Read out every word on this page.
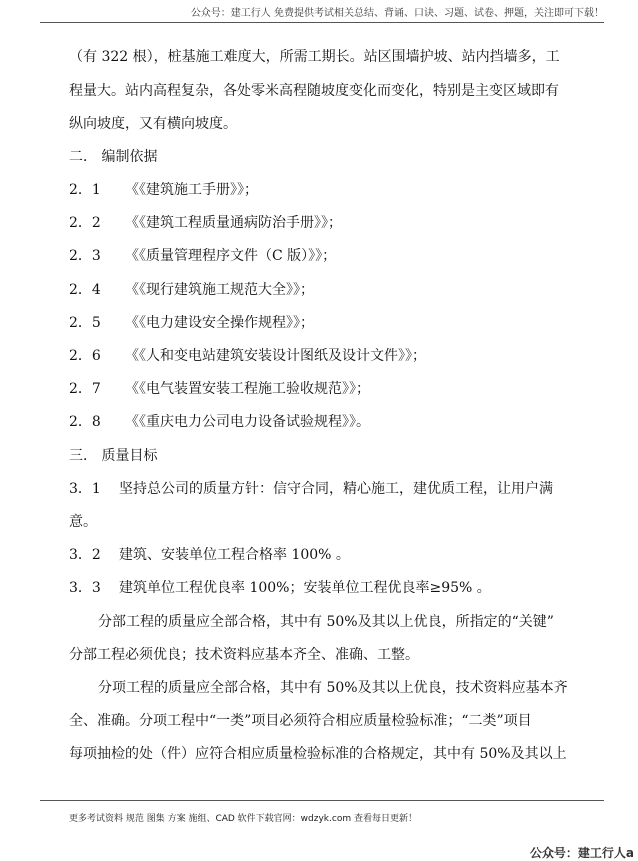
公众号：建工行人 免费提供考试相关总结、背诵、口诀、习题、试卷、押题，关注即可下载！
（有 322 根），桩基施工难度大，所需工期长。站区围墙护坡、站内挡墙多，工
程量大。站内高程复杂，各处零米高程随坡度变化而变化，特别是主变区域即有
纵向坡度，又有横向坡度。
二． 编制依据
2．1 《《建筑施工手册》》；
2．2 《《建筑工程质量通病防治手册》》；
2．3 《《质量管理程序文件（C 版）》》；
2．4 《《现行建筑施工规范大全》》；
2．5 《《电力建设安全操作规程》》；
2．6 《《人和变电站建筑安装设计图纸及设计文件》》；
2．7 《《电气装置安装工程施工验收规范》》；
2．8 《《重庆电力公司电力设备试验规程》》。
三． 质量目标
3．1 坚持总公司的质量方针：信守合同，精心施工，建优质工程，让用户满
意。
3．2 建筑、安装单位工程合格率 100% 。
3．3 建筑单位工程优良率 100%；安装单位工程优良率≥95% 。
分部工程的质量应全部合格，其中有 50%及其以上优良，所指定的“关键”
分部工程必须优良；技术资料应基本齐全、准确、工整。
分项工程的质量应全部合格，其中有 50%及其以上优良，技术资料应基本齐
全、准确。分项工程中“一类”项目必须符合相应质量检验标准；“二类”项目
每项抽检的处（件）应符合相应质量检验标准的合格规定，其中有 50%及其以上
更多考试资料 规范 图集 方案 施组、CAD 软件下载官网：wdzyk.com 查看每日更新！
公众号：建工行人a
